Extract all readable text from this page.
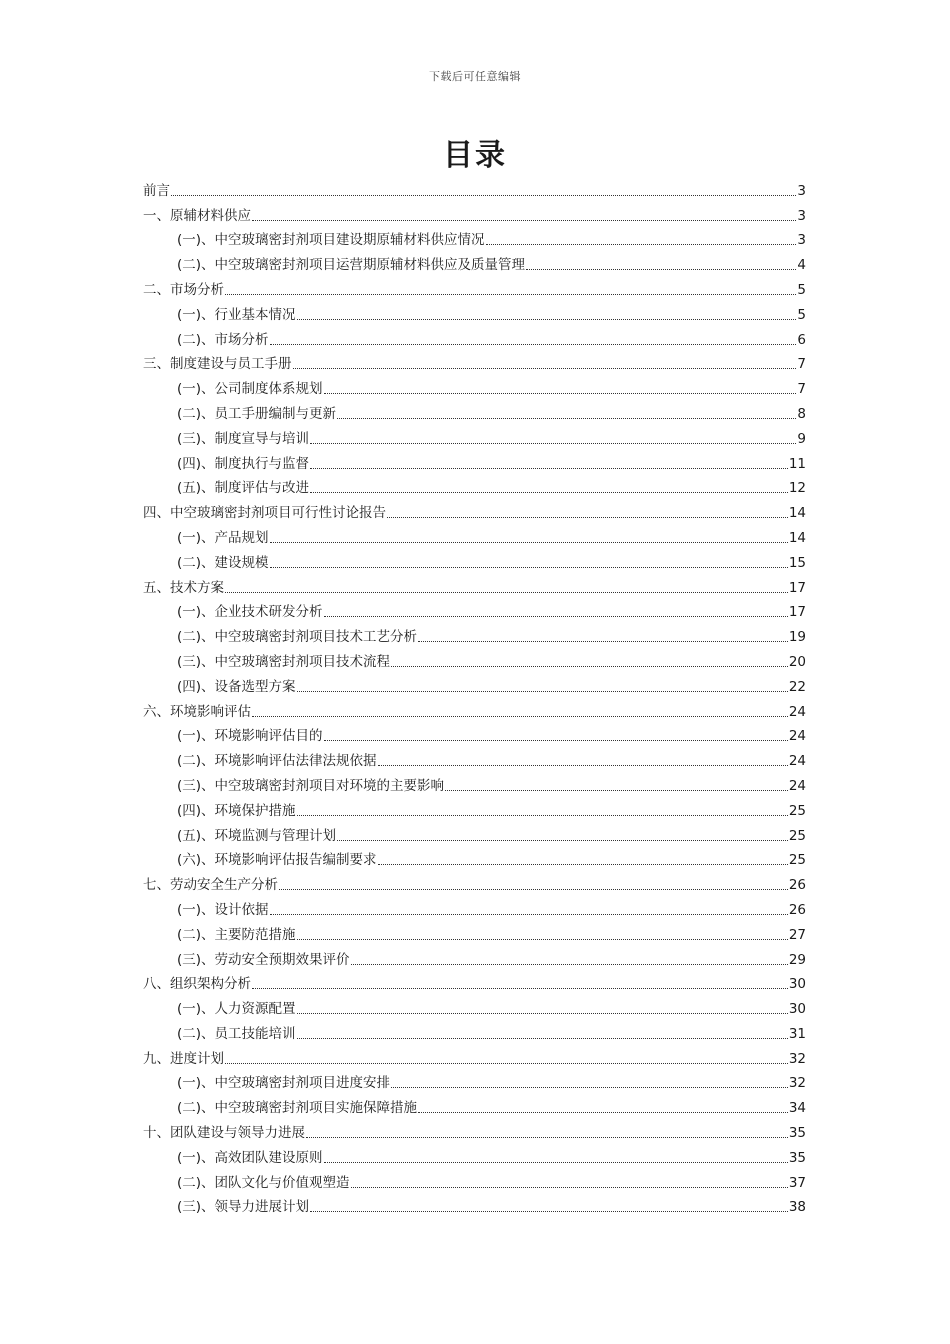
下载后可任意编辑
目录
前言	3
一、原辅材料供应	3
(一)、中空玻璃密封剂项目建设期原辅材料供应情况	3
(二)、中空玻璃密封剂项目运营期原辅材料供应及质量管理	4
二、市场分析	5
(一)、行业基本情况	5
(二)、市场分析	6
三、制度建设与员工手册	7
(一)、公司制度体系规划	7
(二)、员工手册编制与更新	8
(三)、制度宣导与培训	9
(四)、制度执行与监督	11
(五)、制度评估与改进	12
四、中空玻璃密封剂项目可行性讨论报告	14
(一)、产品规划	14
(二)、建设规模	15
五、技术方案	17
(一)、企业技术研发分析	17
(二)、中空玻璃密封剂项目技术工艺分析	19
(三)、中空玻璃密封剂项目技术流程	20
(四)、设备选型方案	22
六、环境影响评估	24
(一)、环境影响评估目的	24
(二)、环境影响评估法律法规依据	24
(三)、中空玻璃密封剂项目对环境的主要影响	24
(四)、环境保护措施	25
(五)、环境监测与管理计划	25
(六)、环境影响评估报告编制要求	25
七、劳动安全生产分析	26
(一)、设计依据	26
(二)、主要防范措施	27
(三)、劳动安全预期效果评价	29
八、组织架构分析	30
(一)、人力资源配置	30
(二)、员工技能培训	31
九、进度计划	32
(一)、中空玻璃密封剂项目进度安排	32
(二)、中空玻璃密封剂项目实施保障措施	34
十、团队建设与领导力进展	35
(一)、高效团队建设原则	35
(二)、团队文化与价值观塑造	37
(三)、领导力进展计划	38
